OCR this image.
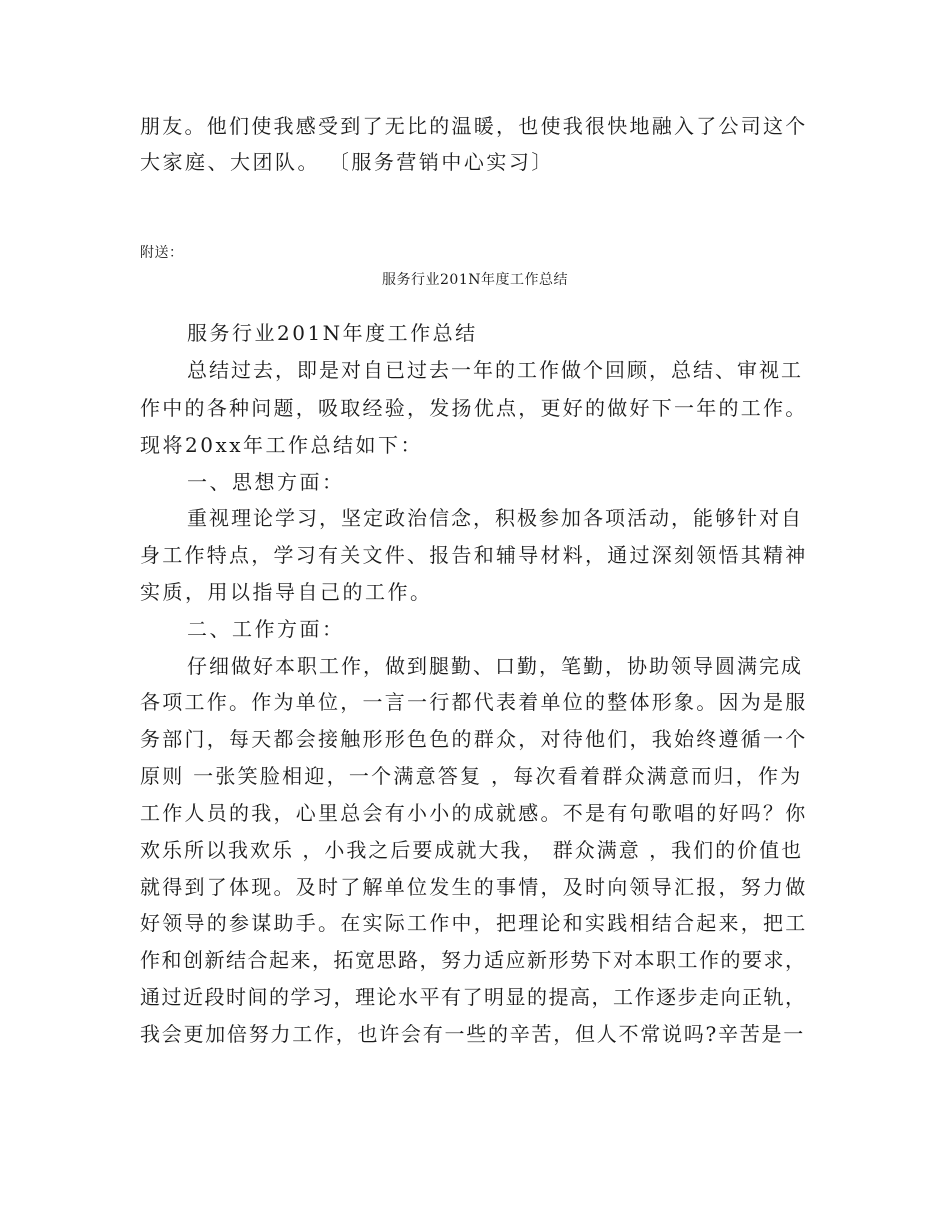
朋友。他们使我感受到了无比的温暖，也使我很快地融入了公司这个
大家庭、大团队。 〔服务营销中心实习〕
附送：
服务行业201N年度工作总结
服务行业201N年度工作总结
总结过去，即是对自已过去一年的工作做个回顾，总结、审视工
作中的各种问题，吸取经验，发扬优点，更好的做好下一年的工作。
现将20xx年工作总结如下：
一、思想方面：
重视理论学习，坚定政治信念，积极参加各项活动，能够针对自
身工作特点，学习有关文件、报告和辅导材料，通过深刻领悟其精神
实质，用以指导自己的工作。
二、工作方面：
仔细做好本职工作，做到腿勤、口勤，笔勤，协助领导圆满完成
各项工作。作为单位，一言一行都代表着单位的整体形象。因为是服
务部门，每天都会接触形形色色的群众，对待他们，我始终遵循一个
原则 一张笑脸相迎，一个满意答复 ，每次看着群众满意而归，作为
工作人员的我，心里总会有小小的成就感。不是有句歌唱的好吗？你
欢乐所以我欢乐 ，小我之后要成就大我， 群众满意 ，我们的价值也
就得到了体现。及时了解单位发生的事情，及时向领导汇报，努力做
好领导的参谋助手。在实际工作中，把理论和实践相结合起来，把工
作和创新结合起来，拓宽思路，努力适应新形势下对本职工作的要求，
通过近段时间的学习，理论水平有了明显的提高，工作逐步走向正轨，
我会更加倍努力工作，也许会有一些的辛苦，但人不常说吗?辛苦是一
